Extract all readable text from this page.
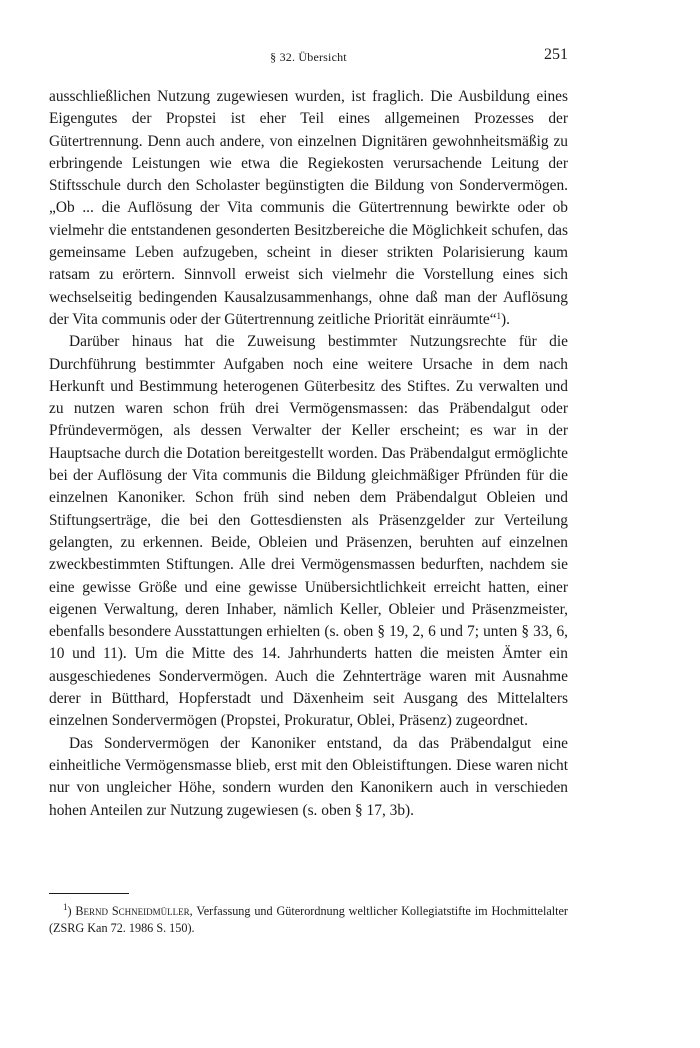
§ 32. Übersicht	251

ausschließlichen Nutzung zugewiesen wurden, ist fraglich. Die Ausbildung eines Eigengutes der Propstei ist eher Teil eines allgemeinen Prozesses der Gütertrennung. Denn auch andere, von einzelnen Dignitären gewohnheitsmäßig zu erbringende Leistungen wie etwa die Regiekosten verursachende Leitung der Stiftsschule durch den Scholaster begünstigten die Bildung von Sondervermögen. „Ob ... die Auflösung der Vita communis die Gütertrennung bewirkte oder ob vielmehr die entstandenen gesonderten Besitzbereiche die Möglichkeit schufen, das gemeinsame Leben aufzugeben, scheint in dieser strikten Polarisierung kaum ratsam zu erörtern. Sinnvoll erweist sich vielmehr die Vorstellung eines sich wechselseitig bedingenden Kausalzusammenhangs, ohne daß man der Auflösung der Vita communis oder der Gütertrennung zeitliche Priorität einräumte“$^1$).

Darüber hinaus hat die Zuweisung bestimmter Nutzungsrechte für die Durchführung bestimmter Aufgaben noch eine weitere Ursache in dem nach Herkunft und Bestimmung heterogenen Güterbesitz des Stiftes. Zu verwalten und zu nutzen waren schon früh drei Vermögensmassen: das Präbendalgut oder Pfründevermögen, als dessen Verwalter der Keller erscheint; es war in der Hauptsache durch die Dotation bereitgestellt worden. Das Präbendalgut ermöglichte bei der Auflösung der Vita communis die Bildung gleichmäßiger Pfründen für die einzelnen Kanoniker. Schon früh sind neben dem Präbendalgut Obleien und Stiftungserträge, die bei den Gottesdiensten als Präsenzgelder zur Verteilung gelangten, zu erkennen. Beide, Obleien und Präsenzen, beruhten auf einzelnen zweckbestimmten Stiftungen. Alle drei Vermögensmassen bedurften, nachdem sie eine gewisse Größe und eine gewisse Unübersichtlichkeit erreicht hatten, einer eigenen Verwaltung, deren Inhaber, nämlich Keller, Obleier und Präsenzmeister, ebenfalls besondere Ausstattungen erhielten (s. oben § 19, 2, 6 und 7; unten § 33, 6, 10 und 11). Um die Mitte des 14. Jahrhunderts hatten die meisten Ämter ein ausgeschiedenes Sondervermögen. Auch die Zehnterträge waren mit Ausnahme derer in Bütthard, Hopferstadt und Däxenheim seit Ausgang des Mittelalters einzelnen Sondervermögen (Propstei, Prokuratur, Oblei, Präsenz) zugeordnet.

Das Sondervermögen der Kanoniker entstand, da das Präbendalgut eine einheitliche Vermögensmasse blieb, erst mit den Obleistiftungen. Diese waren nicht nur von ungleicher Höhe, sondern wurden den Kanonikern auch in verschieden hohen Anteilen zur Nutzung zugewiesen (s. oben § 17, 3b).

$^1$) Bernd Schneidmüller, Verfassung und Güterordnung weltlicher Kollegiatstifte im Hochmittelalter (ZSRG Kan 72. 1986 S. 150).
